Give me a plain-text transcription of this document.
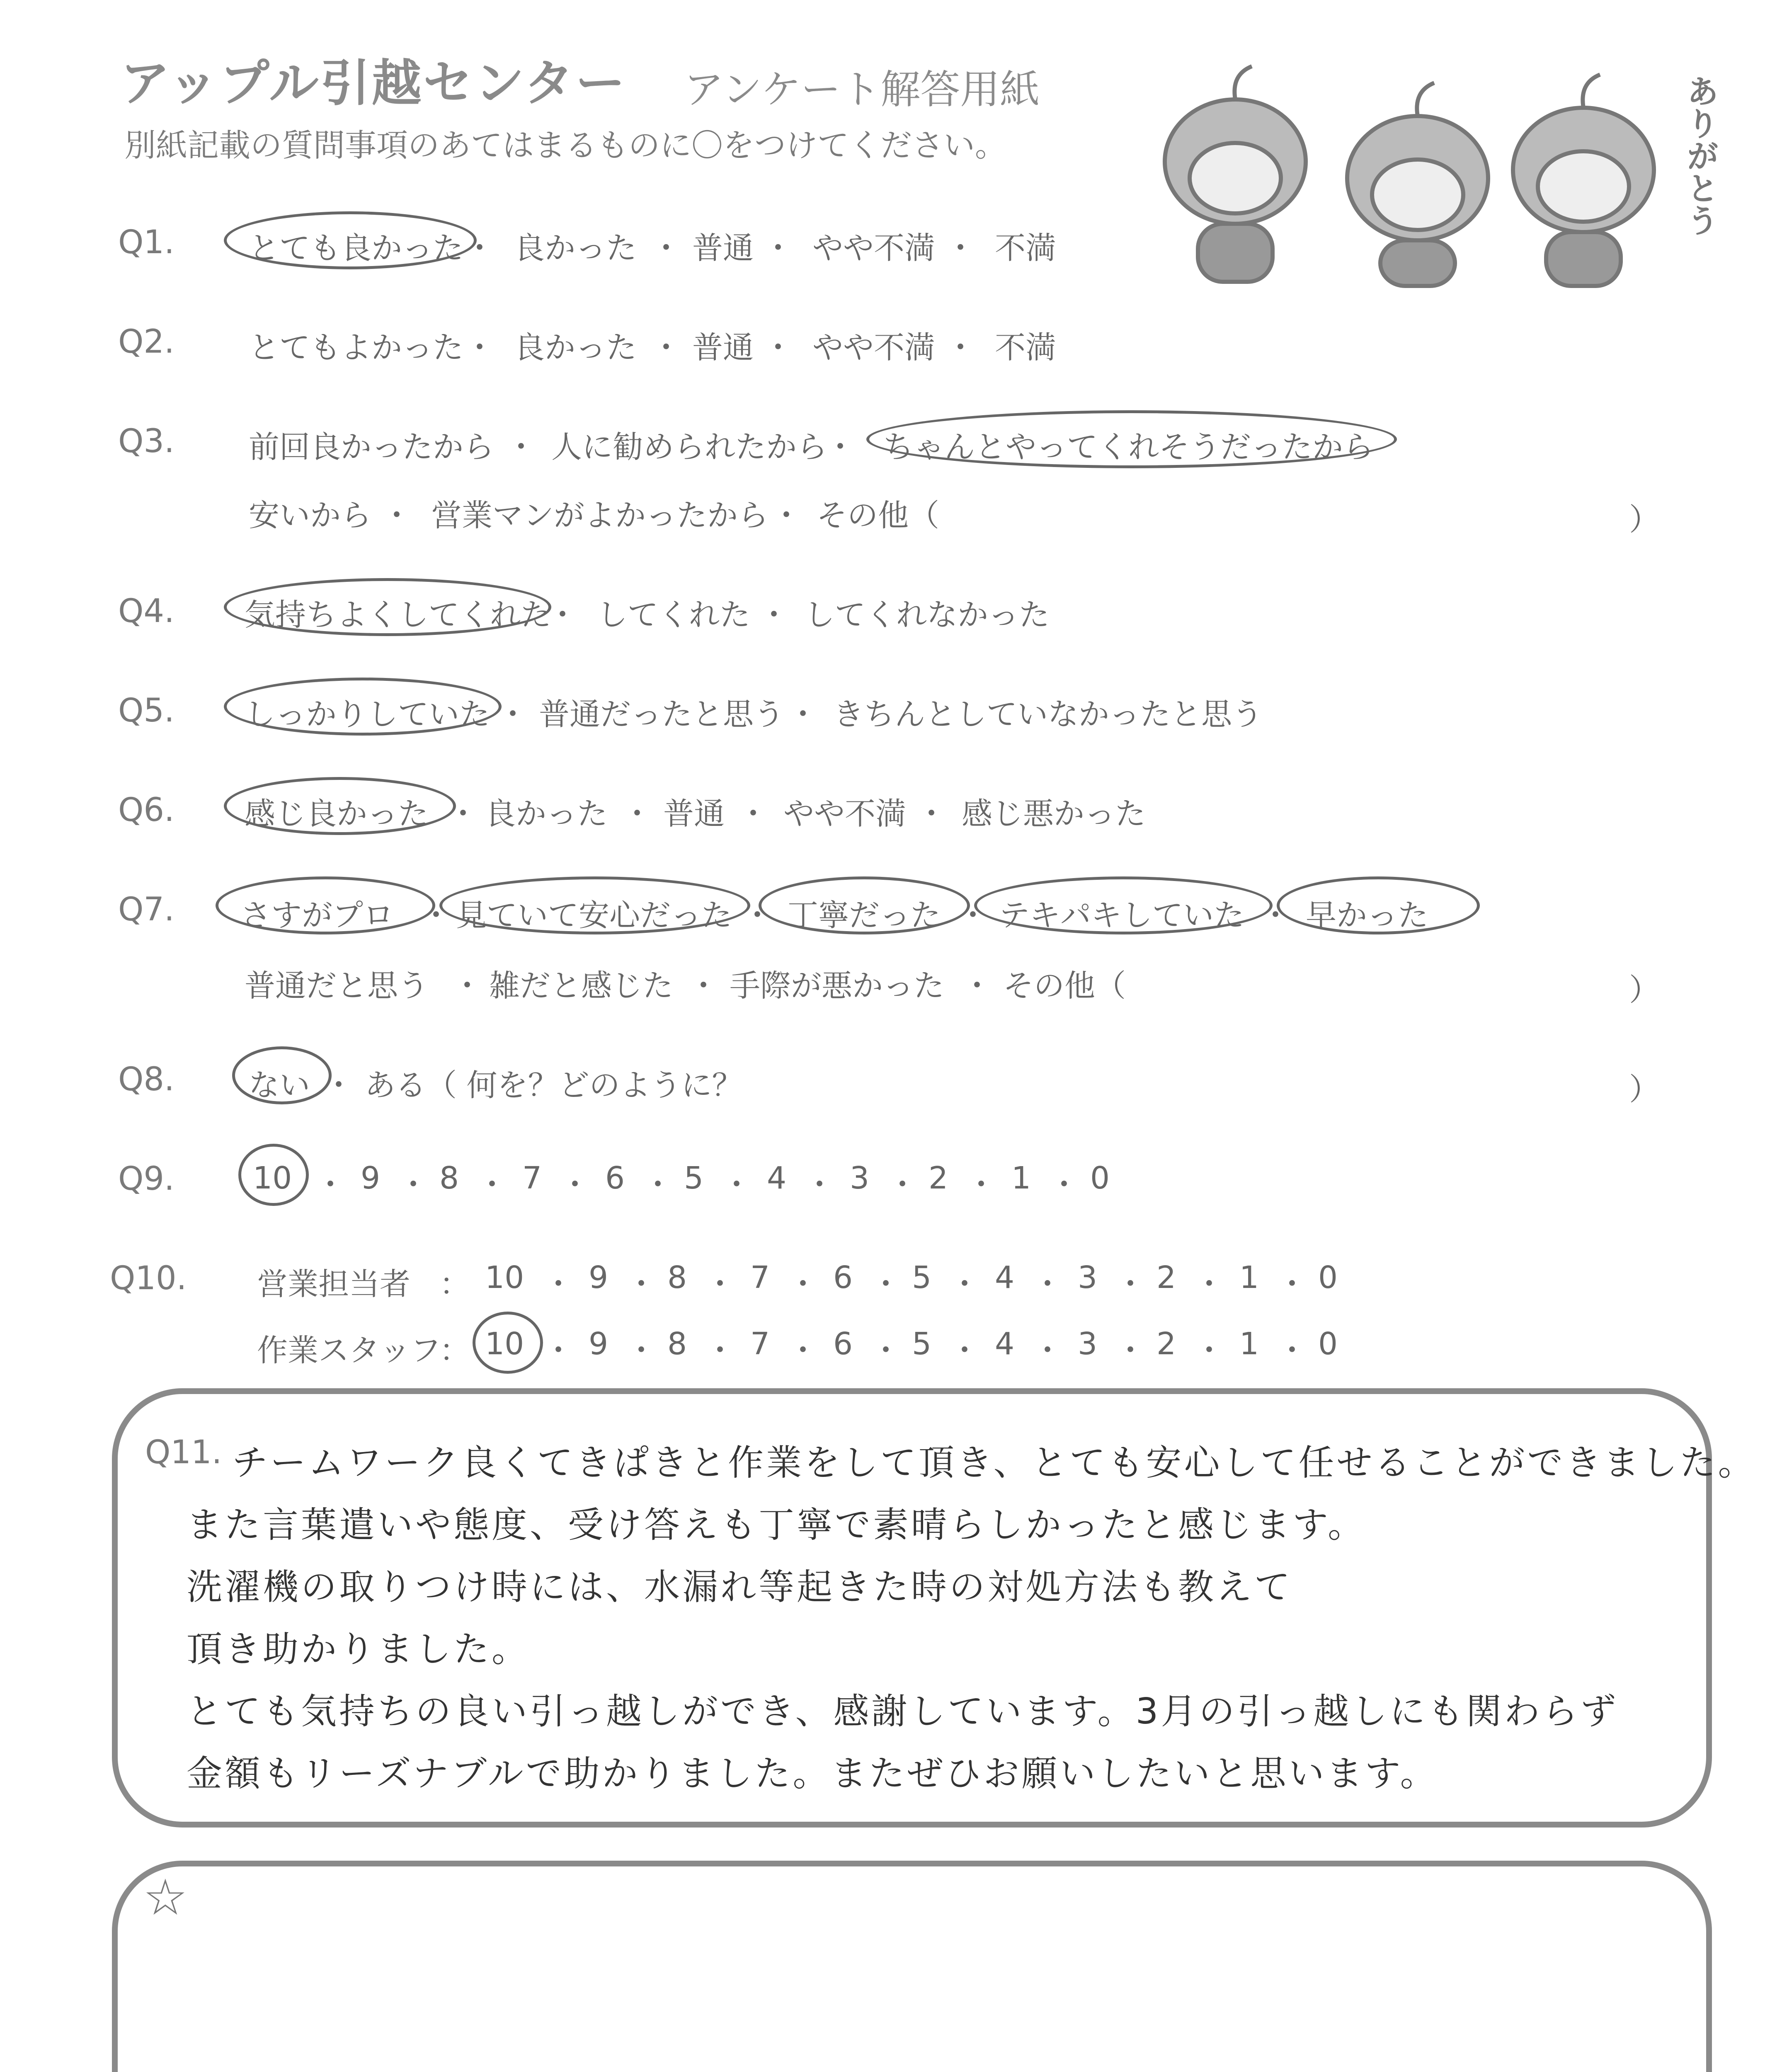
アップル引越センター アンケート解答用紙
別紙記載の質問事項のあてはまるものに〇をつけてください。	ありがとう
Q1. とても良かった ・ 良かった ・ 普通 ・ やや不満 ・ 不満
Q2. とてもよかった ・ 良かった ・ 普通 ・ やや不満 ・ 不満
Q3. 前回良かったから ・ 人に勧められたから
・ ちゃんとやってくれそうだったから
安いから ・ 営業マンがよかったから ・ その他（	）
Q4. 気持ちよくしてくれた
・ してくれた ・ してくれなかった
Q5. しっかりしていた ・ 普通だったと思う ・ きちんとしていなかったと思う
Q6. 感じ良かった ・ 良かった ・ 普通 ・ やや不満 ・ 感じ悪かった
Q7. さすがプロ ・ 見ていて安心だった ・ 丁寧だった ・ テキパキしていた ・ 早かった
普通だと思う ・ 雑だと感じた ・ 手際が悪かった ・ その他（	）
Q8. ない ・ ある（ 何を？どのように？	）
Q9.	10 ・ 9 ・ 8 ・ 7 ・ 6 ・ 5 ・ 4 ・ 3 ・ 2 ・ 1 ・ 0
Q10. 営業担当者 ： 10 ・ 9 ・ 8 ・ 7 ・ 6 ・ 5 ・ 4 ・ 3 ・ 2 ・ 1 ・ 0
作業スタッフ
： 10 ・ 9 ・ 8 ・ 7 ・ 6 ・ 5 ・ 4 ・ 3 ・ 2 ・ 1 ・ 0
Q11. チームワーク良くてきぱきと作業をして頂き、とても安心して任せることができました。
また言葉遣いや態度、受け答えも丁寧で素晴らしかったと感じます。
洗濯機の取りつけ時には、水漏れ等起きた時の対処方法も教えて
頂き助かりました。
とても気持ちの良い引っ越しができ、感謝しています。3月の引っ越しにも関わらず
金額もリーズナブルで助かりました。またぜひお願いしたいと思います。
☆
